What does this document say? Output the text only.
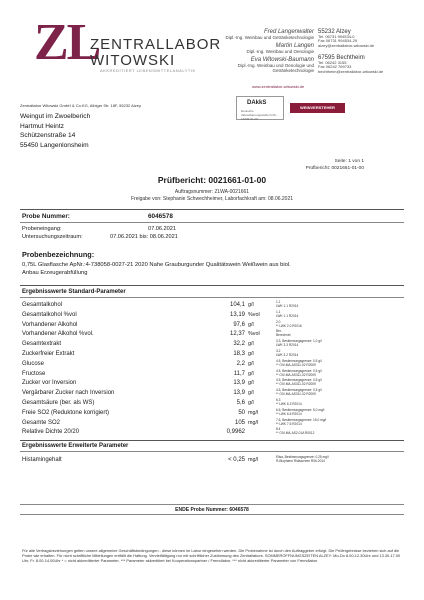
ZL
ZENTRALLABOR
WITOWSKI
AKKREDITIERT LEBENSMITTELANALYTIK
Fred Langenwalter
Dipl.-Ing. Weinbau und Getränketechnologie
Martin Langen
Dipl.-Ing. Weinbau und Oenologie
Eva Witowski-Baumann
Dipl.-Ing. Weinbau und Oenologie und Getränketechnologie
55232 Alzey
Tel. 06731 994534-0
Fax 06731 994534-29
alzey@zentrallabor-witowski.de
67595 Bechtheim
Tel. 06242 3155
Fax 06242 769733
bechtheim@zentrallabor-witowski.de
www.zentrallabor-witowski.de
DAkkS
Deutsche Akkreditierungsstelle D-PL-14006-01-00
WEINVERSTEHER
Zentrallabor Witowski GmbH & Co.KG, Albiger Str. 18F, 55232 Alzey
Weingut im Zwoelberich
Hartmut Heintz
Schützenstraße 14
55450 Langenlonsheim
Seite: 1 von 1
Prüfbericht: 0021661-01-00
Prüfbericht: 0021661-01-00
Auftragsnummer: ZLWA-0021661
Freigabe von: Stephanie Schwechheimer, Laborfachkraft am: 08.06.2021
Probe Nummer:	6046578
Probeneingang:	07.06.2021
Untersuchungszeitraum:	07.06.2021 bis: 08.06.2021
Probenbezeichnung:
0,75L Glasflasche ApNr.:4-738058-0027-21 2020 Nahe Grauburgunder Qualitätswein Weißwein aus biol.
Anbau Erzeugerabfüllung
Ergebnisswerte Standard-Parameter
Gesamtalkohol	104,1 g/l	1.1
LWK 1.1 R2014
Gesamtalkohol %vol	13,19 %vol	1.1
LWK 1.1 R2014
Vorhandener Alkohol	97,6 g/l	2.0
** LWK 2.0 R2016
Vorhandener Alkohol %vol.	12,37 %vol	Ber.
Berechnet
Gesamtextrakt	32,2 g/l	3.3, Bestimmungsgrenze: 1,0 g/l
LWK 3.3 R2014
Zuckerfreier Extrakt	18,3 g/l	3.2
LWK 3.2 R2014
Glucose	2,2 g/l	4.5, Bestimmungsgrenze: 0,5 g/l
** OIV-MA-AS311-02 R2009
Fructose	11,7 g/l	4.5, Bestimmungsgrenze: 0,5 g/l
** OIV-MA-AS311-02 R2009
Zucker vor Inversion	13,9 g/l	4.5, Bestimmungsgrenze: 0,5 g/l
** OIV-MA-AS311-02 R2009
Vergärbarer Zucker nach Inversion	13,9 g/l	4.5, Bestimmungsgrenze: 0,5 g/l
** OIV-MA-AS311-02 R2009
Gesamtsäure (ber. als WS)	5,6 g/l	6.3
** LWK 6.3 R2014
Freie SO2 (Reduktone korrigiert)	50 mg/l	6.6, Bestimmungsgrenze: 5,0 mg/l
** LWK 6.6 R2014
Gesamte SO2	105 mg/l	7.6, Bestimmungsgrenze: 15,0 mg/l
** LWK 7.6 R2014
Relative Dichte 20/20	0,9962	8.4
** OIV-MA-AS2-01A R0012
Ergebnisswerte Erweiterte Parameter
Histamingehalt	< 0,25 mg/l	Elisa, Bestimmungsgrenze: 0,25 mg/l
R-Biopharm Ridascreen R06-2014
ENDE Probe Nummer: 6046578
Für alle Vertragsbeziehungen gelten unsere allgemeine Geschäftsbedingungen - diese können im Labor eingesehen werden. Die Probenahme ist durch den Auftraggeber erfolgt. Die Prüfergebnisse beziehen sich auf die Probe wie erhalten. Für nicht schriftliche Mitteilungen entfällt die Haftung. Vervielfältigung nur mit schriftlicher Zustimmung des Zentrallabors. SOMMERÖFFNUNGSZEITEN ALZEY: Mo-Do 8.00-12.30Uhr und 13.30-17.00 Uhr, Fr. 8.00-14.00Uhr * = nicht akkreditierter Parameter, *** Parameter akkreditiert bei Kooperationspartner / Fremdlabor, *** nicht akkreditierter Parameter von Fremdlabor
